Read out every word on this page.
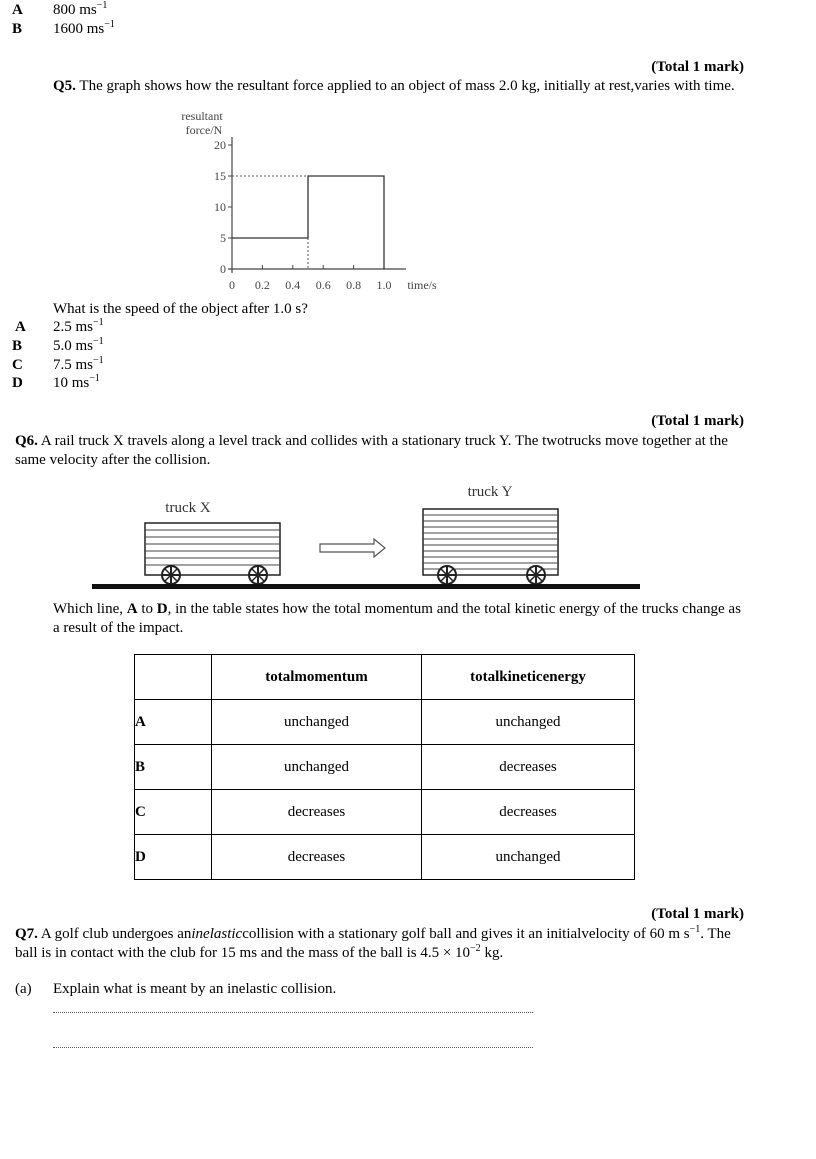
A 800 $ms^{-1}$
B 1600 $ms^{-1}$
(Total 1 mark)
Q5. The graph shows how the resultant force applied to an object of mass 2.0 kg, initially at rest,varies with time.
resultant
force/N
0
5
10
15
20
0 0.2 0.4 0.6 0.8 1.0 time/s
What is the speed of the object after 1.0 s?
A 2.5 $ms^{-1}$
B 5.0 $ms^{-1}$
C 7.5 $ms^{-1}$
D 10 $ms^{-1}$
(Total 1 mark)
Q6. A rail truck X travels along a level track and collides with a stationary truck Y. The twotrucks move together at the same velocity after the collision.
truck X
truck Y
Which line, A to D, in the table states how the total momentum and the total kinetic energy of the trucks change as a result of the impact.
	totalmomentum	totalkineticenergy
A	unchanged	unchanged
B	unchanged	decreases
C	decreases	decreases
D	decreases	unchanged
(Total 1 mark)
Q7. A golf club undergoes aninelasticcollision with a stationary golf ball and gives it an initialvelocity of 60 m $s^{-1}$. The ball is in contact with the club for 15 ms and the mass of the ball is $4.5 \times 10^{-2}$ kg.
(a) Explain what is meant by an inelastic collision.
